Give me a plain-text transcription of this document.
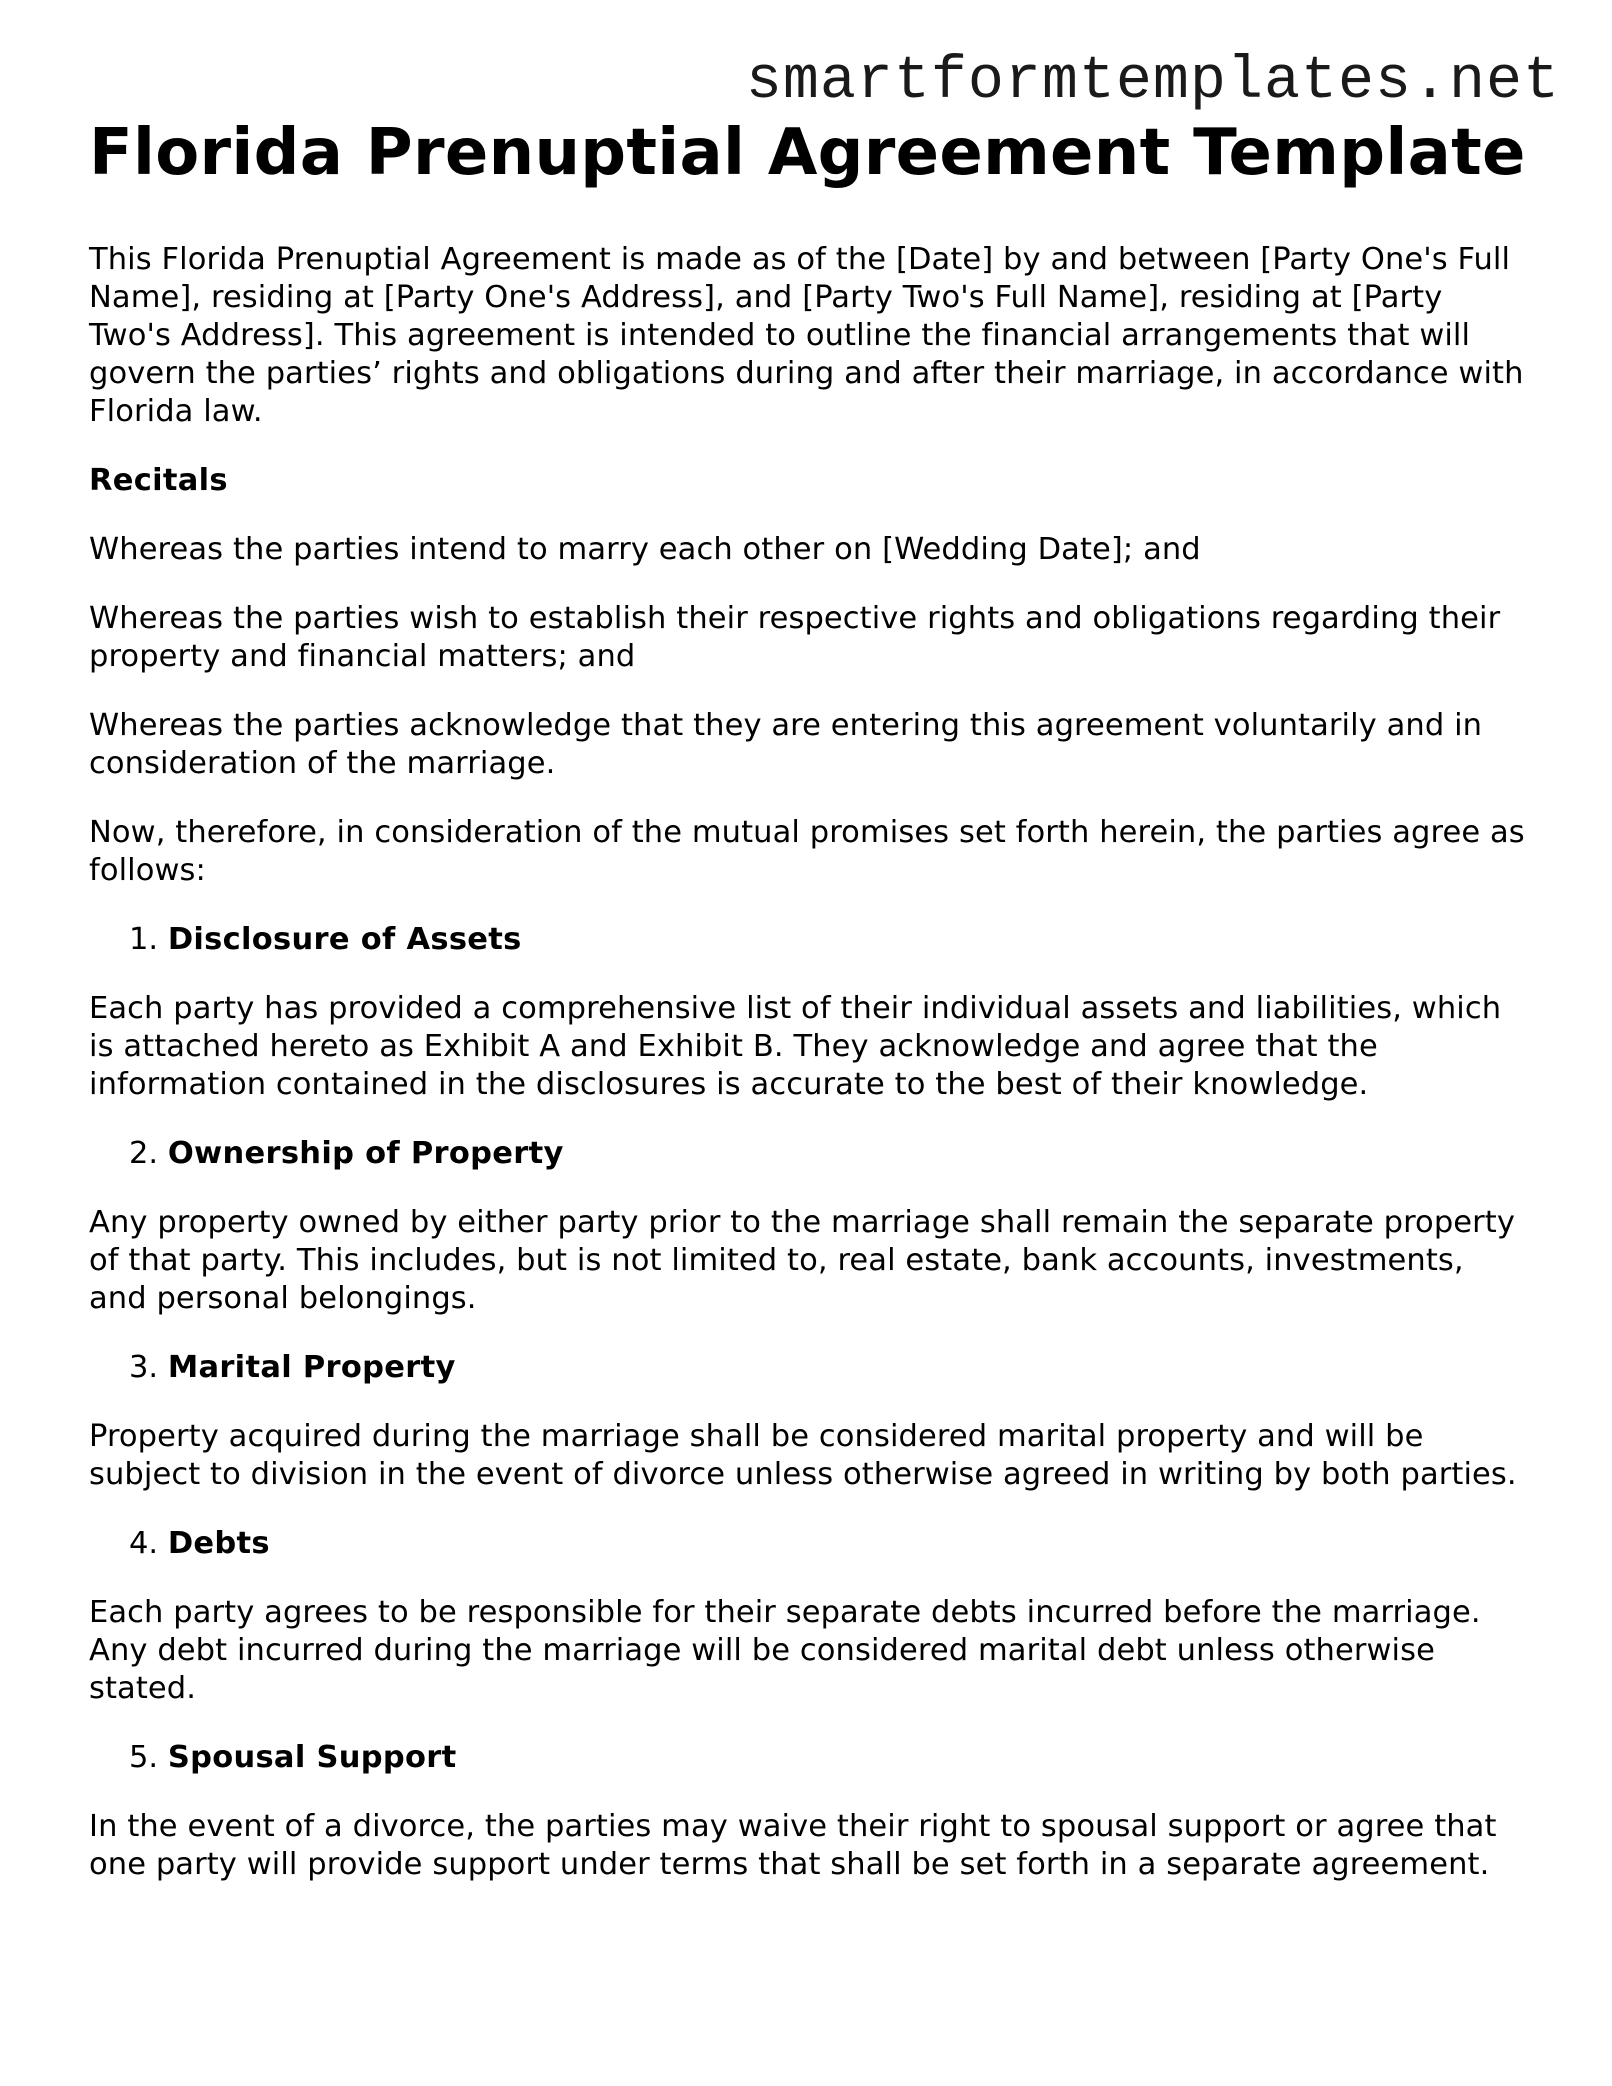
smartformtemplates.net
Florida Prenuptial Agreement Template

This Florida Prenuptial Agreement is made as of the [Date] by and between [Party One's Full Name], residing at [Party One's Address], and [Party Two's Full Name], residing at [Party Two's Address]. This agreement is intended to outline the financial arrangements that will govern the parties’ rights and obligations during and after their marriage, in accordance with Florida law.

Recitals

Whereas the parties intend to marry each other on [Wedding Date]; and

Whereas the parties wish to establish their respective rights and obligations regarding their property and financial matters; and

Whereas the parties acknowledge that they are entering this agreement voluntarily and in consideration of the marriage.

Now, therefore, in consideration of the mutual promises set forth herein, the parties agree as follows:

1. Disclosure of Assets

Each party has provided a comprehensive list of their individual assets and liabilities, which is attached hereto as Exhibit A and Exhibit B. They acknowledge and agree that the information contained in the disclosures is accurate to the best of their knowledge.

2. Ownership of Property

Any property owned by either party prior to the marriage shall remain the separate property of that party. This includes, but is not limited to, real estate, bank accounts, investments, and personal belongings.

3. Marital Property

Property acquired during the marriage shall be considered marital property and will be subject to division in the event of divorce unless otherwise agreed in writing by both parties.

4. Debts

Each party agrees to be responsible for their separate debts incurred before the marriage. Any debt incurred during the marriage will be considered marital debt unless otherwise stated.

5. Spousal Support

In the event of a divorce, the parties may waive their right to spousal support or agree that one party will provide support under terms that shall be set forth in a separate agreement.
